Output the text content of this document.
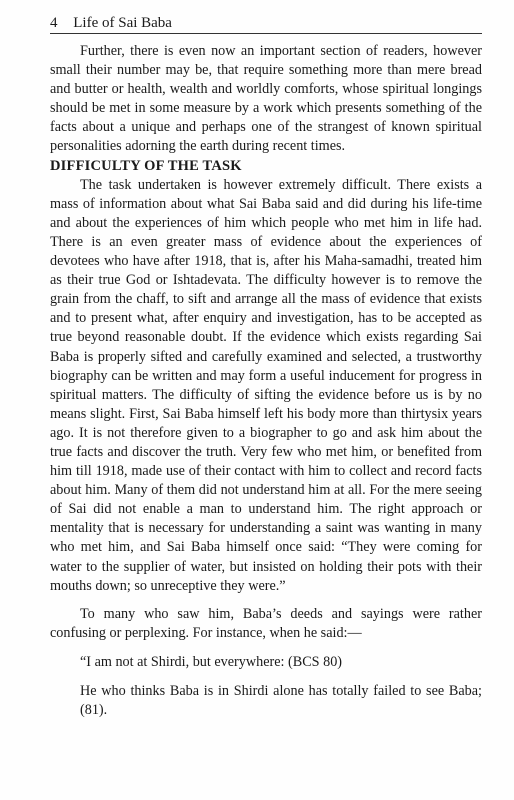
4 Life of Sai Baba

Further, there is even now an important section of readers, however small their number may be, that require something more than mere bread and butter or health, wealth and worldly comforts, whose spiritual longings should be met in some measure by a work which presents something of the facts about a unique and perhaps one of the strangest of known spiritual personalities adorning the earth during recent times.

DIFFICULTY OF THE TASK

The task undertaken is however extremely difficult. There exists a mass of information about what Sai Baba said and did during his life-time and about the experiences of him which people who met him in life had. There is an even greater mass of evidence about the experiences of devotees who have after 1918, that is, after his Maha-samadhi, treated him as their true God or Ishtadevata. The difficulty however is to remove the grain from the chaff, to sift and arrange all the mass of evidence that exists and to present what, after enquiry and investigation, has to be accepted as true beyond reasonable doubt. If the evidence which exists regarding Sai Baba is properly sifted and carefully examined and selected, a trustworthy biography can be written and may form a useful inducement for progress in spiritual matters. The difficulty of sifting the evidence before us is by no means slight. First, Sai Baba himself left his body more than thirtysix years ago. It is not therefore given to a biographer to go and ask him about the true facts and discover the truth. Very few who met him, or benefited from him till 1918, made use of their contact with him to collect and record facts about him. Many of them did not understand him at all. For the mere seeing of Sai did not enable a man to understand him. The right approach or mentality that is necessary for understanding a saint was wanting in many who met him, and Sai Baba himself once said: “They were coming for water to the supplier of water, but insisted on holding their pots with their mouths down; so unreceptive they were.”

To many who saw him, Baba’s deeds and sayings were rather confusing or perplexing. For instance, when he said:—

“I am not at Shirdi, but everywhere: (BCS 80)

He who thinks Baba is in Shirdi alone has totally failed to see Baba; (81).
